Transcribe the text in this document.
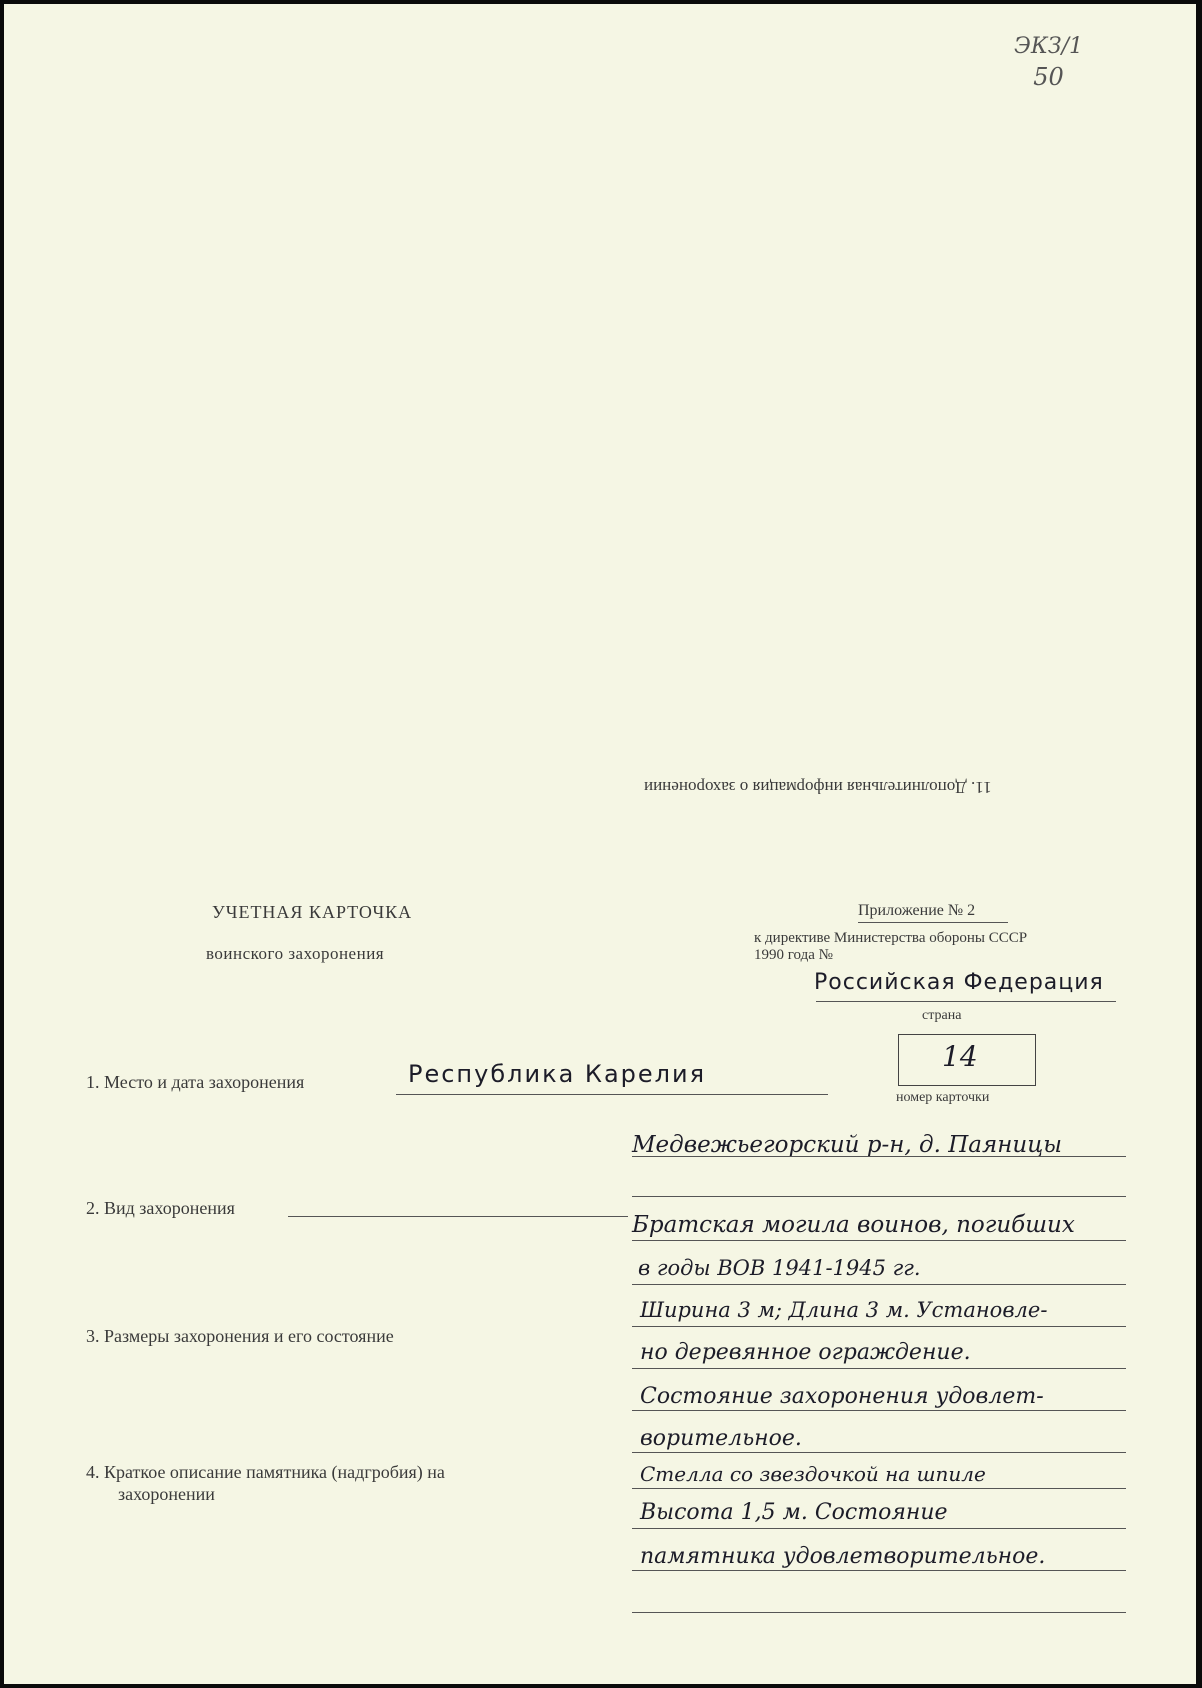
ЭКЗ/1
50
11. Дополнительная информация о захоронении
УЧЕТНАЯ КАРТОЧКА
воинского захоронения
Приложение № 2
к директиве Министерства обороны СССР
1990 года №
Российская Федерация
страна
14
номер карточки
1. Место и дата захоронения	Республика Карелия
Медвежьегорский р-н, д. Паяницы
2. Вид захоронения
Братская могила воинов, погибших
в годы ВОВ 1941-1945 гг.
3. Размеры захоронения и его состояние
Ширина 3 м; Длина 3 м. Установле-
но деревянное ограждение.
Состояние захоронения удовлет-
ворительное.
4. Краткое описание памятника (надгробия) на
захоронении
Стелла со звездочкой на шпиле
Высота 1,5 м. Состояние
памятника удовлетворительное.
